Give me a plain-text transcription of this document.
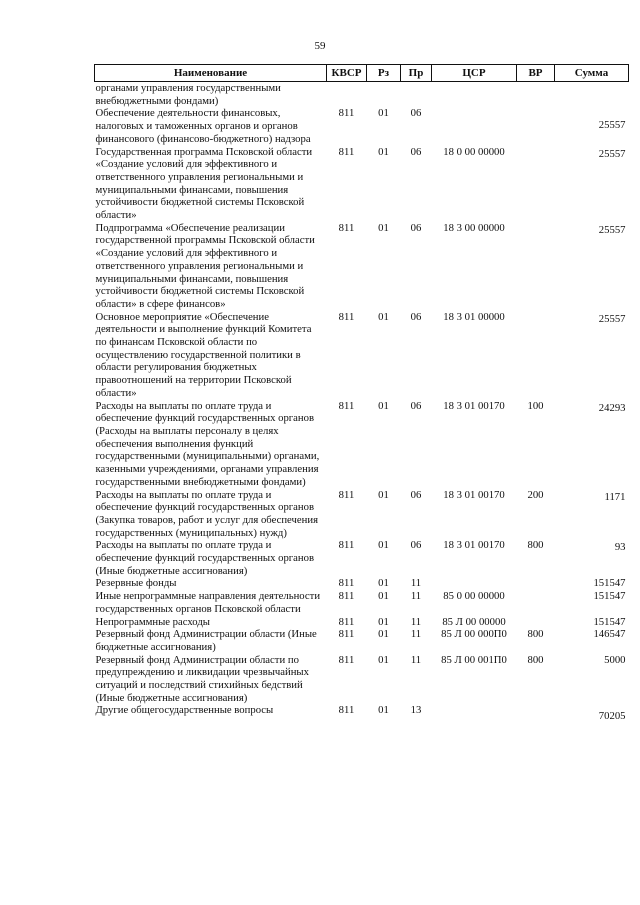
59
Наименование	КВСР	Рз	Пр	ЦСР	ВР	Сумма
органами управления государственными внебюджетными фондами)						
Обеспечение деятельности финансовых, налоговых и таможенных органов и органов финансового (финансово-бюджетного) надзора	811	01	06			25557
Государственная программа Псковской области «Создание условий для эффективного и ответственного управления региональными и муниципальными финансами, повышения устойчивости бюджетной системы Псковской области»	811	01	06	18 0 00 00000		25557
Подпрограмма «Обеспечение реализации государственной программы Псковской области «Создание условий для эффективного и ответственного управления региональными и муниципальными финансами, повышения устойчивости бюджетной системы Псковской области» в сфере финансов»	811	01	06	18 3 00 00000		25557
Основное мероприятие «Обеспечение деятельности и выполнение функций Комитета по финансам Псковской области по осуществлению государственной политики в области регулирования бюджетных правоотношений на территории Псковской области»	811	01	06	18 3 01 00000		25557
Расходы на выплаты по оплате труда и обеспечение функций государственных органов (Расходы на выплаты персоналу в целях обеспечения выполнения функций государственными (муниципальными) органами, казенными учреждениями, органами управления государственными внебюджетными фондами)	811	01	06	18 3 01 00170	100	24293
Расходы на выплаты по оплате труда и обеспечение функций государственных органов (Закупка товаров, работ и услуг для обеспечения государственных (муниципальных) нужд)	811	01	06	18 3 01 00170	200	1171
Расходы на выплаты по оплате труда и обеспечение функций государственных органов (Иные бюджетные ассигнования)	811	01	06	18 3 01 00170	800	93
Резервные фонды	811	01	11			151547
Иные непрограммные направления деятельности государственных органов Псковской области	811	01	11	85 0 00 00000		151547
Непрограммные расходы	811	01	11	85 Л 00 00000		151547
Резервный фонд Администрации области (Иные бюджетные ассигнования)	811	01	11	85 Л 00 000П0	800	146547
Резервный фонд Администрации области по предупреждению и ликвидации чрезвычайных ситуаций и последствий стихийных бедствий (Иные бюджетные ассигнования)	811	01	11	85 Л 00 001П0	800	5000
Другие общегосударственные вопросы	811	01	13			70205
